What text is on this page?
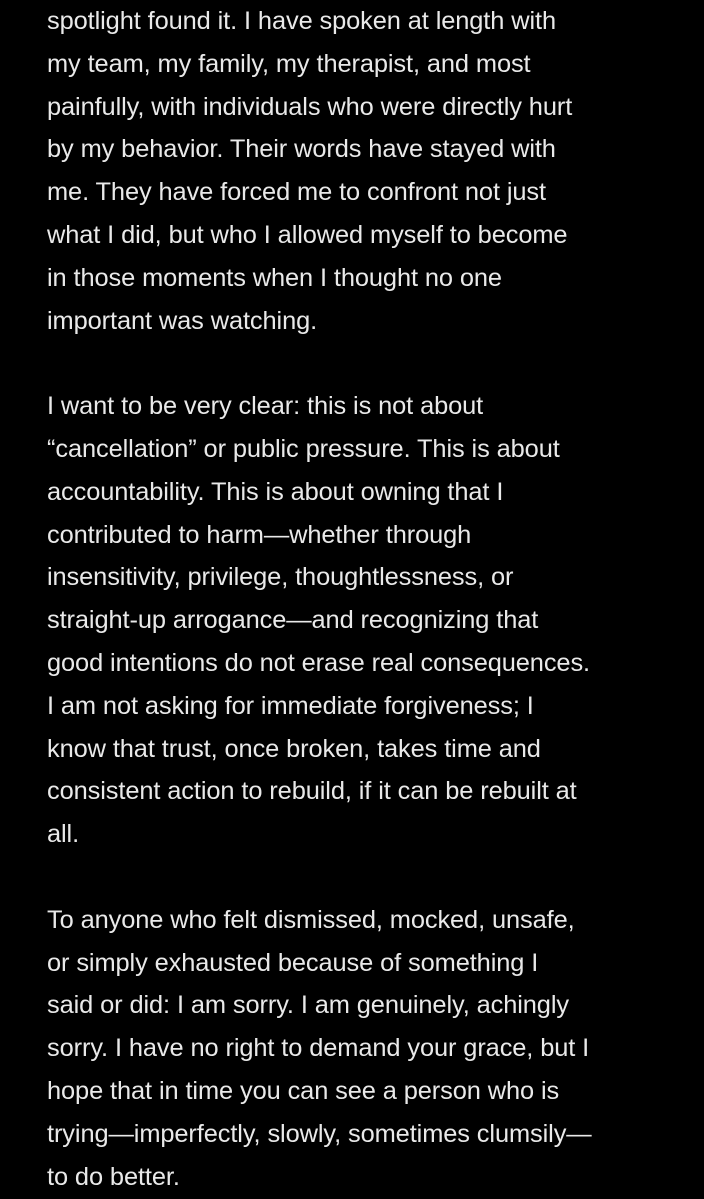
spotlight found it. I have spoken at length with
my team, my family, my therapist, and most
painfully, with individuals who were directly hurt
by my behavior. Their words have stayed with
me. They have forced me to confront not just
what I did, but who I allowed myself to become
in those moments when I thought no one
important was watching.
I want to be very clear: this is not about
“cancellation” or public pressure. This is about
accountability. This is about owning that I
contributed to harm—whether through
insensitivity, privilege, thoughtlessness, or
straight-up arrogance—and recognizing that
good intentions do not erase real consequences.
I am not asking for immediate forgiveness; I
know that trust, once broken, takes time and
consistent action to rebuild, if it can be rebuilt at
all.
To anyone who felt dismissed, mocked, unsafe,
or simply exhausted because of something I
said or did: I am sorry. I am genuinely, achingly
sorry. I have no right to demand your grace, but I
hope that in time you can see a person who is
trying—imperfectly, slowly, sometimes clumsily—
to do better.
